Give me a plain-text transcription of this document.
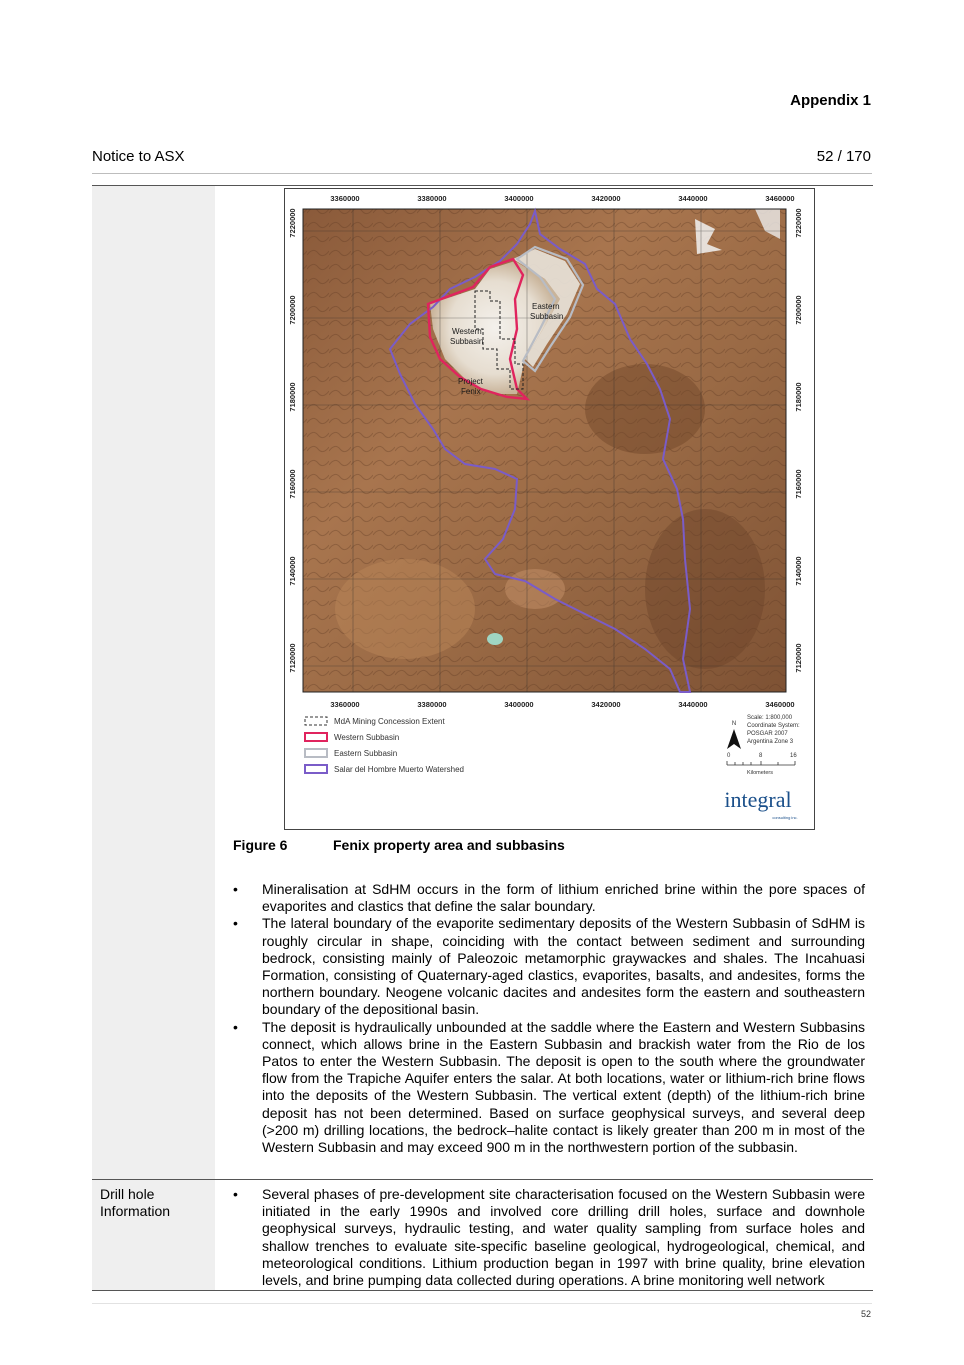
Appendix 1
Notice to ASX	52 / 170
Eastern
Subbasin
Western
Subbasin
Project
Fenix
3360000	3380000	3400000	3420000	3440000	3460000
3360000	3380000	3400000	3420000	3440000	3460000
7220000
7200000
7180000
7160000
7140000
7120000
7220000
7200000
7180000
7160000
7140000
7120000
MdA Mining Concession Extent
Western Subbasin
Eastern Subbasin
Salar del Hombre Muerto Watershed
N
Scale: 1:800,000
Coordinate System:
POSGAR 2007
Argentina Zone 3
0	8	16
Kilometers
integral
consulting inc.
Figure 6	Fenix property area and subbasins
• Mineralisation at SdHM occurs in the form of lithium enriched brine within the pore spaces of evaporites and clastics that define the salar boundary.
• The lateral boundary of the evaporite sedimentary deposits of the Western Subbasin of SdHM is roughly circular in shape, coinciding with the contact between sediment and surrounding bedrock, consisting mainly of Paleozoic metamorphic graywackes and shales. The Incahuasi Formation, consisting of Quaternary-aged clastics, evaporites, basalts, and andesites, forms the northern boundary. Neogene volcanic dacites and andesites form the eastern and southeastern boundary of the depositional basin.
• The deposit is hydraulically unbounded at the saddle where the Eastern and Western Subbasins connect, which allows brine in the Eastern Subbasin and brackish water from the Rio de los Patos to enter the Western Subbasin. The deposit is open to the south where the groundwater flow from the Trapiche Aquifer enters the salar. At both locations, water or lithium-rich brine flows into the deposits of the Western Subbasin. The vertical extent (depth) of the lithium-rich brine deposit has not been determined. Based on surface geophysical surveys, and several deep (>200 m) drilling locations, the bedrock–halite contact is likely greater than 200 m in most of the Western Subbasin and may exceed 900 m in the northwestern portion of the subbasin.
Drill hole Information
• Several phases of pre-development site characterisation focused on the Western Subbasin were initiated in the early 1990s and involved core drilling drill holes, surface and downhole geophysical surveys, hydraulic testing, and water quality sampling from surface holes and shallow trenches to evaluate site-specific baseline geological, hydrogeological, chemical, and meteorological conditions. Lithium production began in 1997 with brine quality, brine elevation levels, and brine pumping data collected during operations. A brine monitoring well network
52
